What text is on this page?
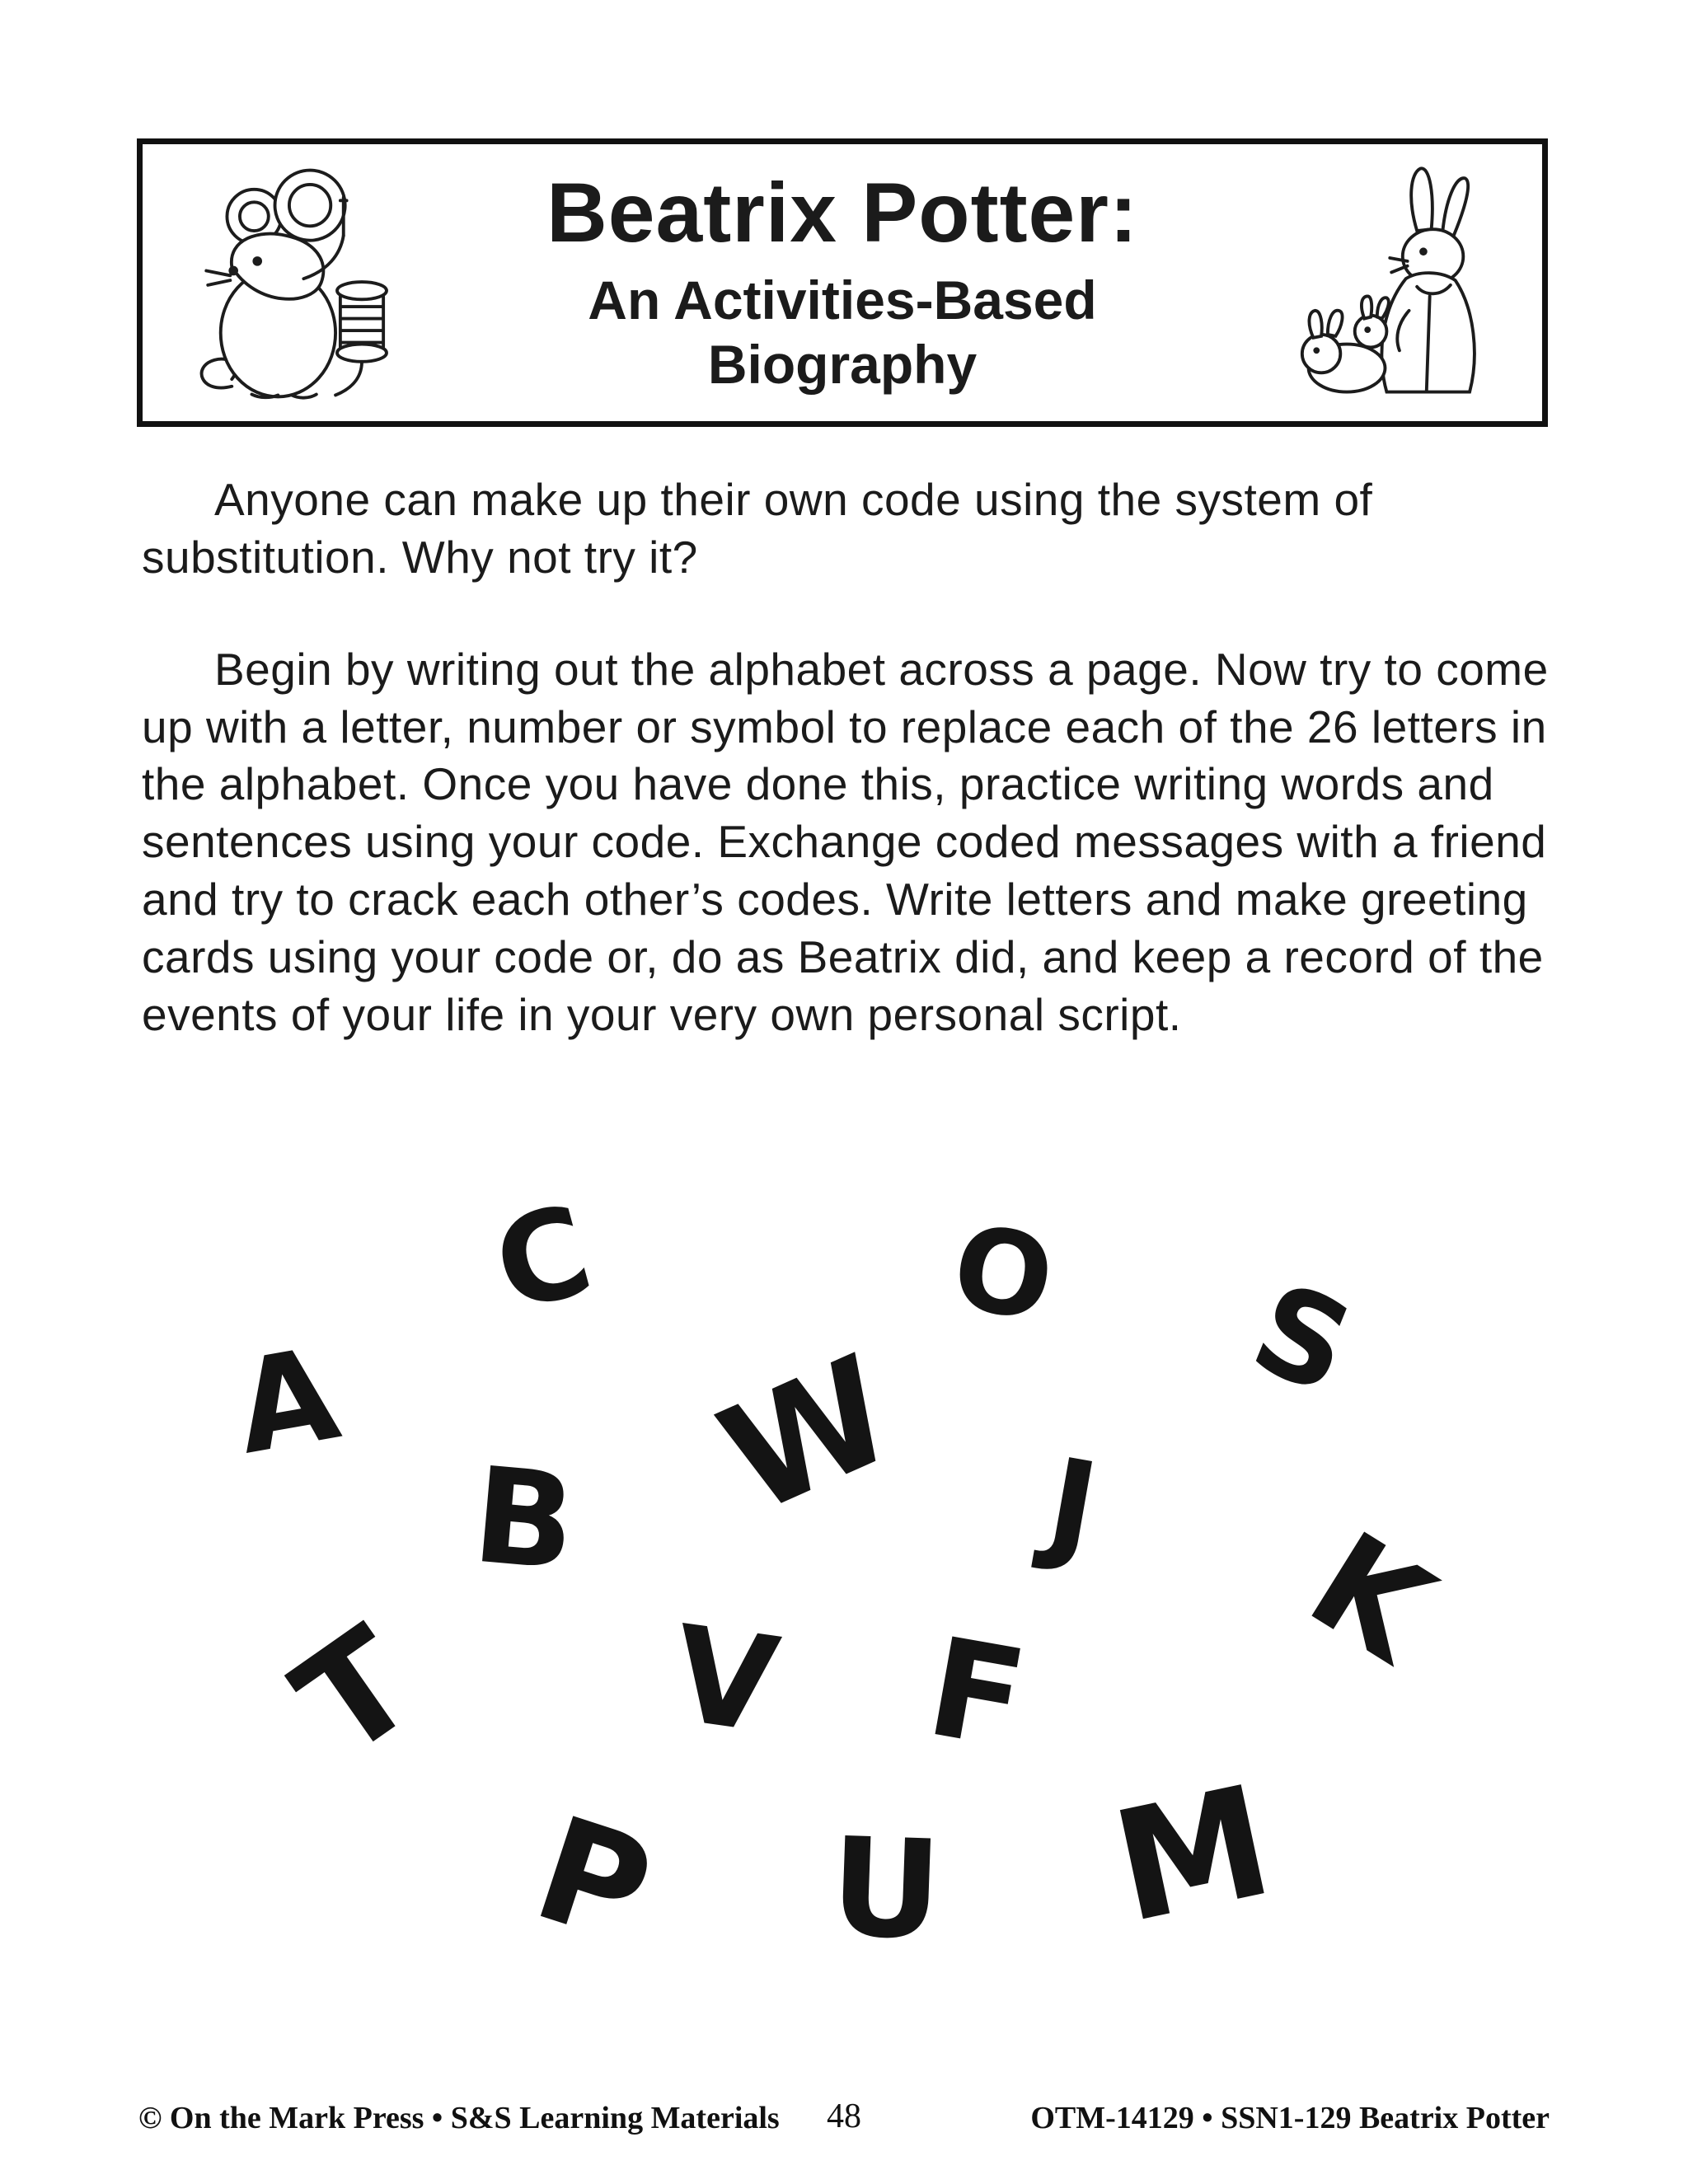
Beatrix Potter:
An Activities-Based
Biography

Anyone can make up their own code using the system of substitution. Why not try it?

Begin by writing out the alphabet across a page. Now try to come up with a letter, number or symbol to replace each of the 26 letters in the alphabet. Once you have done this, practice writing words and sentences using your code. Exchange coded messages with a friend and try to crack each other’s codes. Write letters and make greeting cards using your code or, do as Beatrix did, and keep a record of the events of your life in your very own personal script.

C	O S
A W J
B	K
V F
T
P U M
© On the Mark Press • S&S Learning Materials 48	OTM-14129 • SSN1-129 Beatrix Potter
